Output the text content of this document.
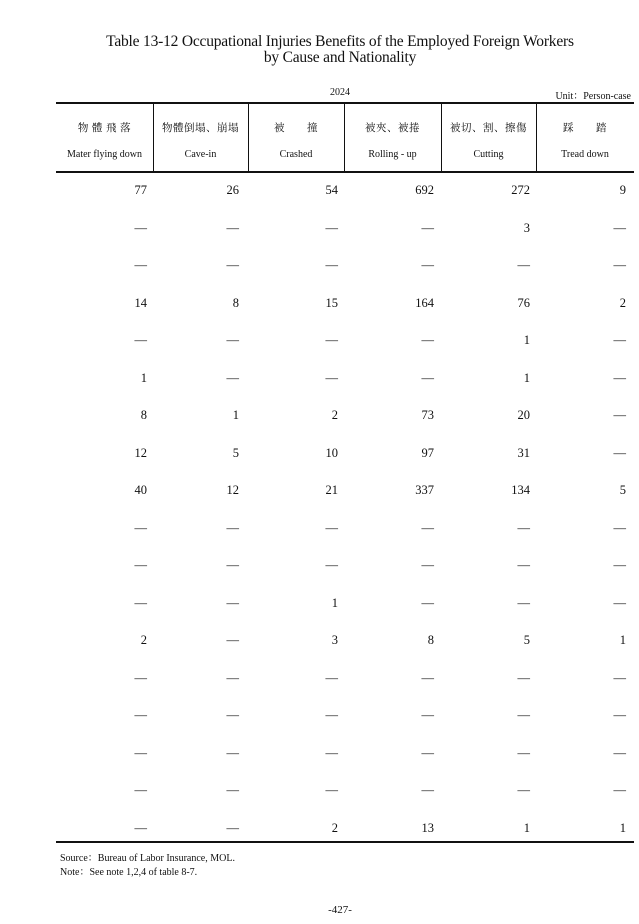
Table 13-12 Occupational Injuries Benefits of the Employed Foreign Workers
by Cause and Nationality
2024	Unit：Person-case
物 體 飛 落
Mater flying down
物體倒塌、崩塌
Cave-in
被　　撞
Crashed
被夾、被捲
Rolling - up
被切、割、擦傷
Cutting
踩　　踏
Tread down
77	26	54	692	272	9
—	—	—	—	3	—
—	—	—	—	—	—
14	8	15	164	76	2
—	—	—	—	1	—
1	—	—	—	1	—
8	1	2	73	20	—
12	5	10	97	31	—
40	12	21	337	134	5
—	—	—	—	—	—
—	—	—	—	—	—
—	—	1	—	—	—
2	—	3	8	5	1
—	—	—	—	—	—
—	—	—	—	—	—
—	—	—	—	—	—
—	—	—	—	—	—
—	—	2	13	1	1
Source：Bureau of Labor Insurance, MOL.
Note：See note 1,2,4 of table 8-7.
-427-
